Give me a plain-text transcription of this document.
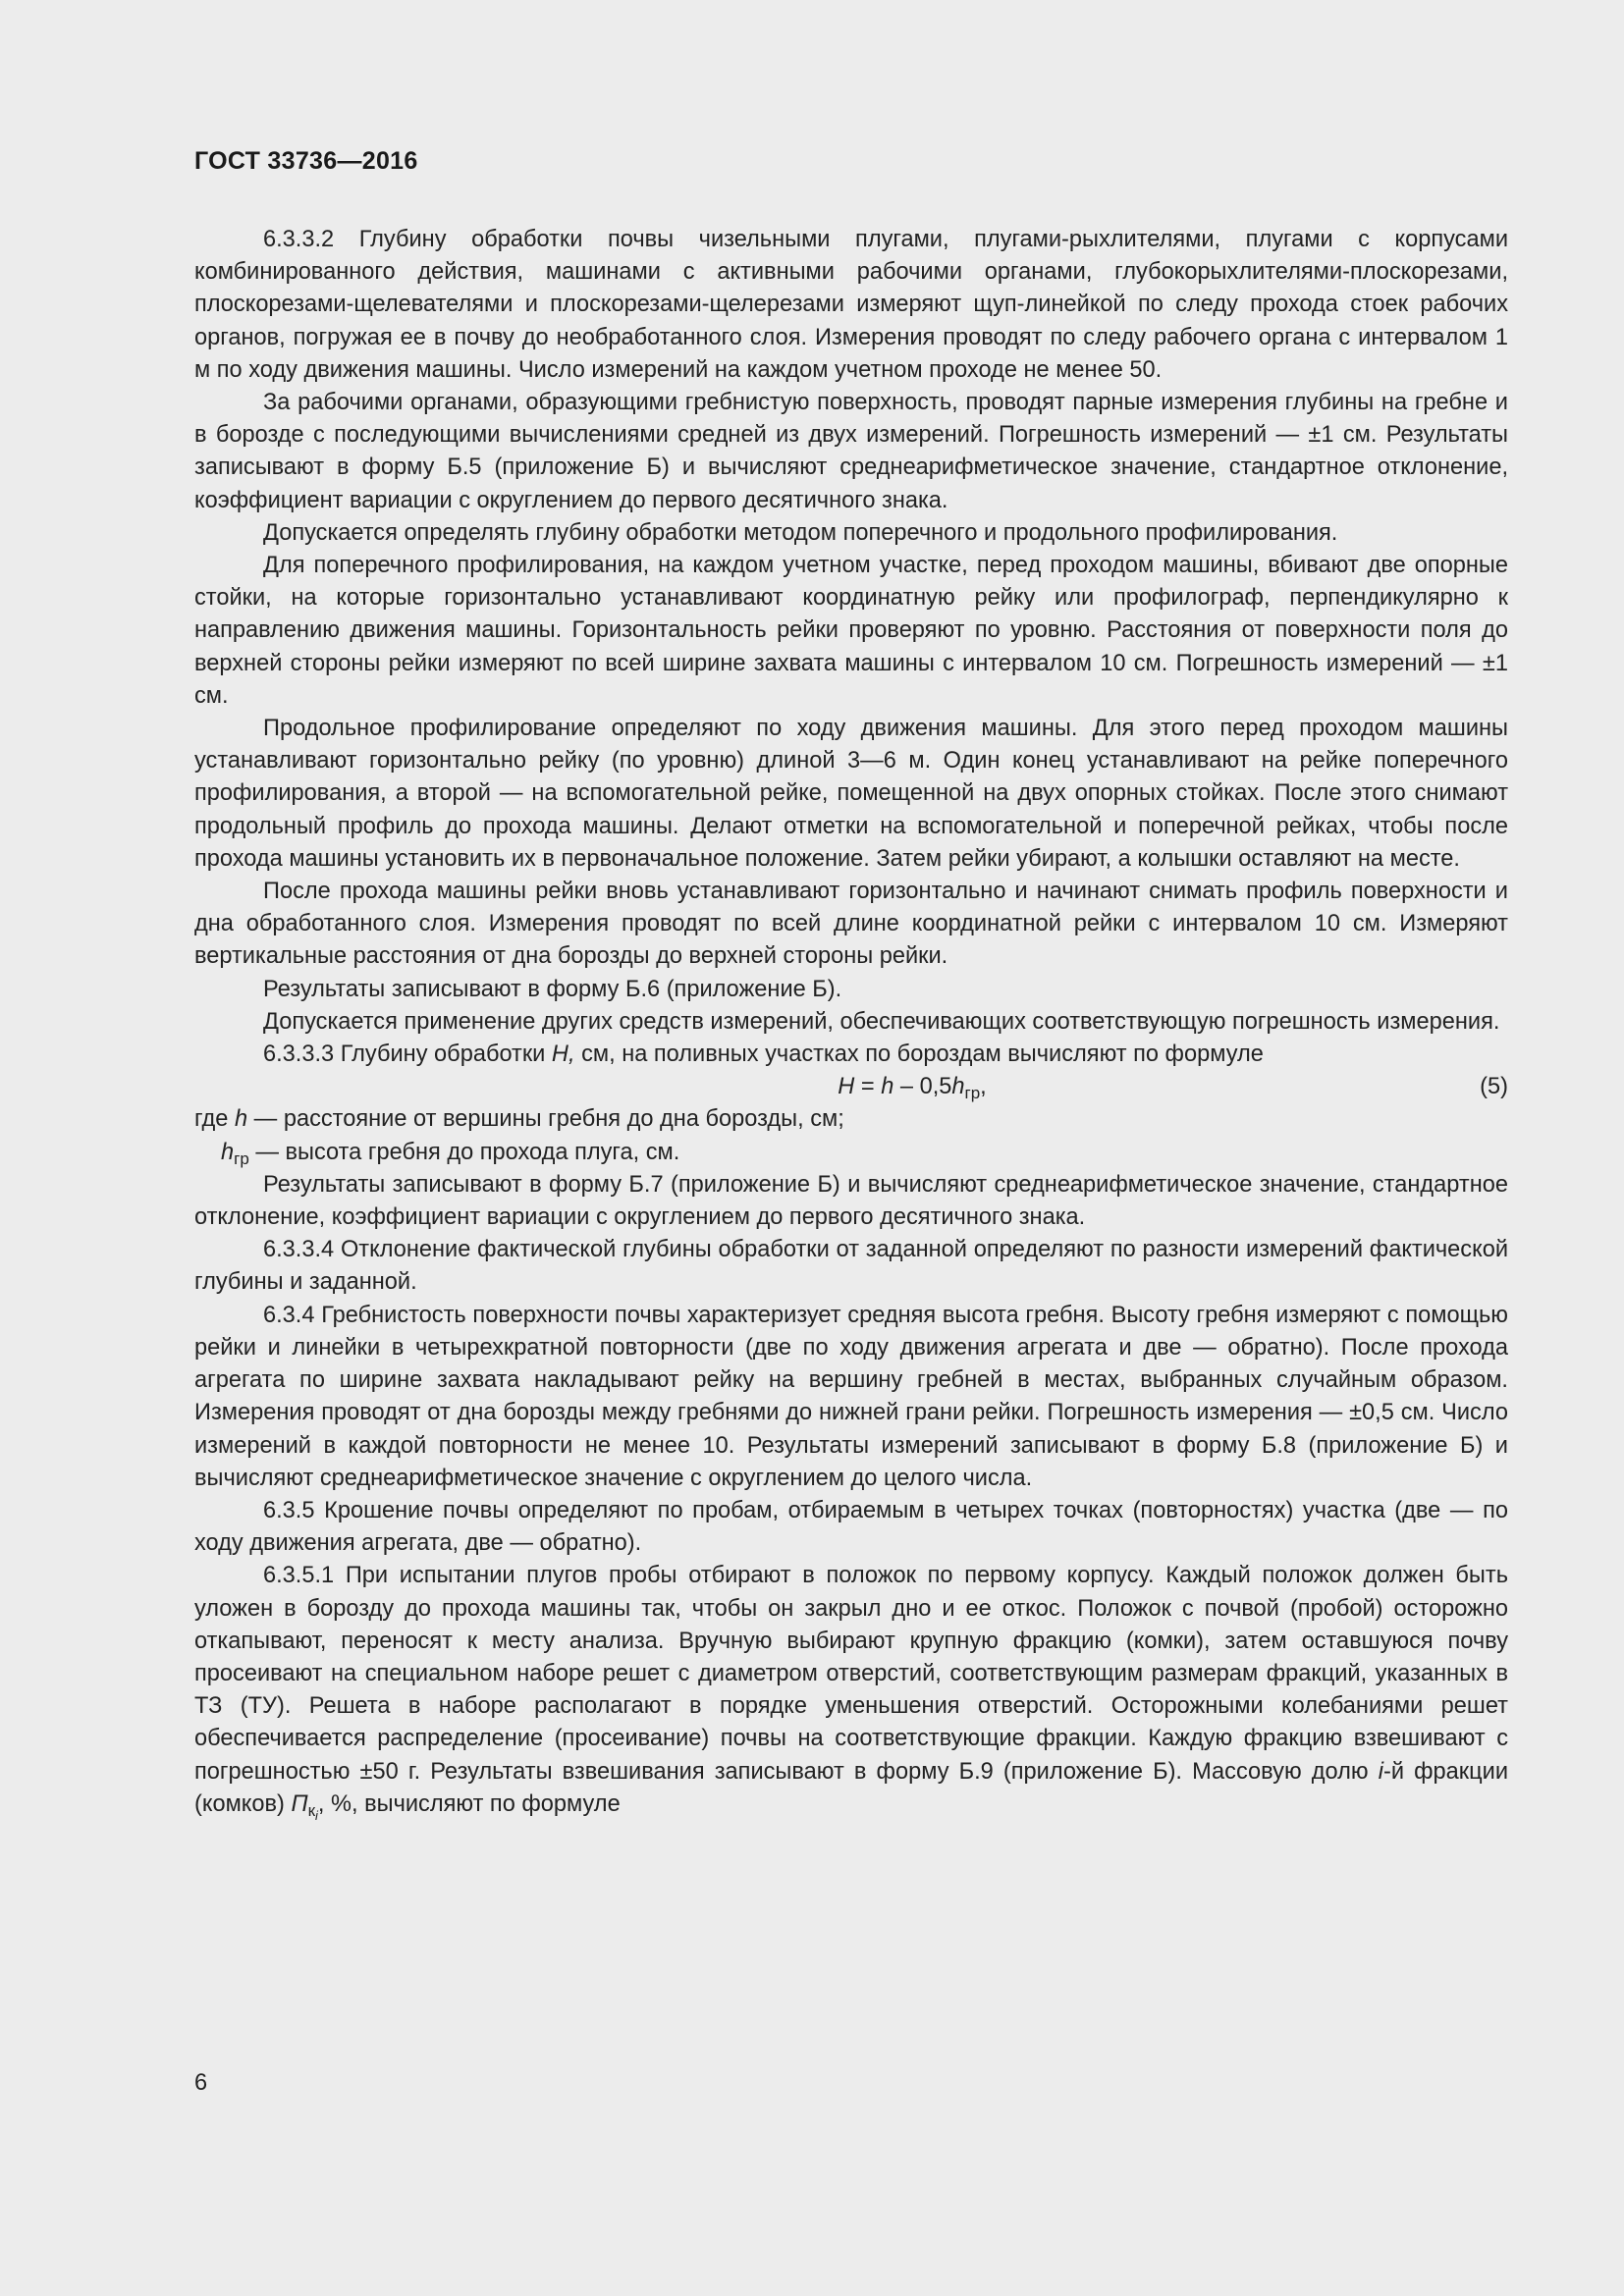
ГОСТ 33736—2016

6.3.3.2 Глубину обработки почвы чизельными плугами, плугами-рыхлителями, плугами с корпусами комбинированного действия, машинами с активными рабочими органами, глубокорыхлителями-плоскорезами, плоскорезами-щелевателями и плоскорезами-щелерезами измеряют щуп-линейкой по следу прохода стоек рабочих органов, погружая ее в почву до необработанного слоя. Измерения проводят по следу рабочего органа с интервалом 1 м по ходу движения машины. Число измерений на каждом учетном проходе не менее 50.

За рабочими органами, образующими гребнистую поверхность, проводят парные измерения глубины на гребне и в борозде с последующими вычислениями средней из двух измерений. Погрешность измерений — ±1 см. Результаты записывают в форму Б.5 (приложение Б) и вычисляют среднеарифметическое значение, стандартное отклонение, коэффициент вариации с округлением до первого десятичного знака.

Допускается определять глубину обработки методом поперечного и продольного профилирования.

Для поперечного профилирования, на каждом учетном участке, перед проходом машины, вбивают две опорные стойки, на которые горизонтально устанавливают координатную рейку или профилограф, перпендикулярно к направлению движения машины. Горизонтальность рейки проверяют по уровню. Расстояния от поверхности поля до верхней стороны рейки измеряют по всей ширине захвата машины с интервалом 10 см. Погрешность измерений — ±1 см.

Продольное профилирование определяют по ходу движения машины. Для этого перед проходом машины устанавливают горизонтально рейку (по уровню) длиной 3—6 м. Один конец устанавливают на рейке поперечного профилирования, а второй — на вспомогательной рейке, помещенной на двух опорных стойках. После этого снимают продольный профиль до прохода машины. Делают отметки на вспомогательной и поперечной рейках, чтобы после прохода машины установить их в первоначальное положение. Затем рейки убирают, а колышки оставляют на месте.

После прохода машины рейки вновь устанавливают горизонтально и начинают снимать профиль поверхности и дна обработанного слоя. Измерения проводят по всей длине координатной рейки с интервалом 10 см. Измеряют вертикальные расстояния от дна борозды до верхней стороны рейки.

Результаты записывают в форму Б.6 (приложение Б).

Допускается применение других средств измерений, обеспечивающих соответствующую погрешность измерения.

6.3.3.3 Глубину обработки Н, см, на поливных участках по бороздам вычисляют по формуле

$Н = h - 0,5h_{гр}$,	(5)

где h — расстояние от вершины гребня до дна борозды, см;

$h_{гр}$ — высота гребня до прохода плуга, см.

Результаты записывают в форму Б.7 (приложение Б) и вычисляют среднеарифметическое значение, стандартное отклонение, коэффициент вариации с округлением до первого десятичного знака.

6.3.3.4 Отклонение фактической глубины обработки от заданной определяют по разности измерений фактической глубины и заданной.

6.3.4 Гребнистость поверхности почвы характеризует средняя высота гребня. Высоту гребня измеряют с помощью рейки и линейки в четырехкратной повторности (две по ходу движения агрегата и две — обратно). После прохода агрегата по ширине захвата накладывают рейку на вершину гребней в местах, выбранных случайным образом. Измерения проводят от дна борозды между гребнями до нижней грани рейки. Погрешность измерения — ±0,5 см. Число измерений в каждой повторности не менее 10. Результаты измерений записывают в форму Б.8 (приложение Б) и вычисляют среднеарифметическое значение с округлением до целого числа.

6.3.5 Крошение почвы определяют по пробам, отбираемым в четырех точках (повторностях) участка (две — по ходу движения агрегата, две — обратно).

6.3.5.1 При испытании плугов пробы отбирают в положок по первому корпусу. Каждый положок должен быть уложен в борозду до прохода машины так, чтобы он закрыл дно и ее откос. Положок с почвой (пробой) осторожно откапывают, переносят к месту анализа. Вручную выбирают крупную фракцию (комки), затем оставшуюся почву просеивают на специальном наборе решет с диаметром отверстий, соответствующим размерам фракций, указанных в ТЗ (ТУ). Решета в наборе располагают в порядке уменьшения отверстий. Осторожными колебаниями решет обеспечивается распределение (просеивание) почвы на соответствующие фракции. Каждую фракцию взвешивают с погрешностью ±50 г. Результаты взвешивания записывают в форму Б.9 (приложение Б). Массовую долю i-й фракции (комков) $П_{к_i}$, %, вычисляют по формуле

6
